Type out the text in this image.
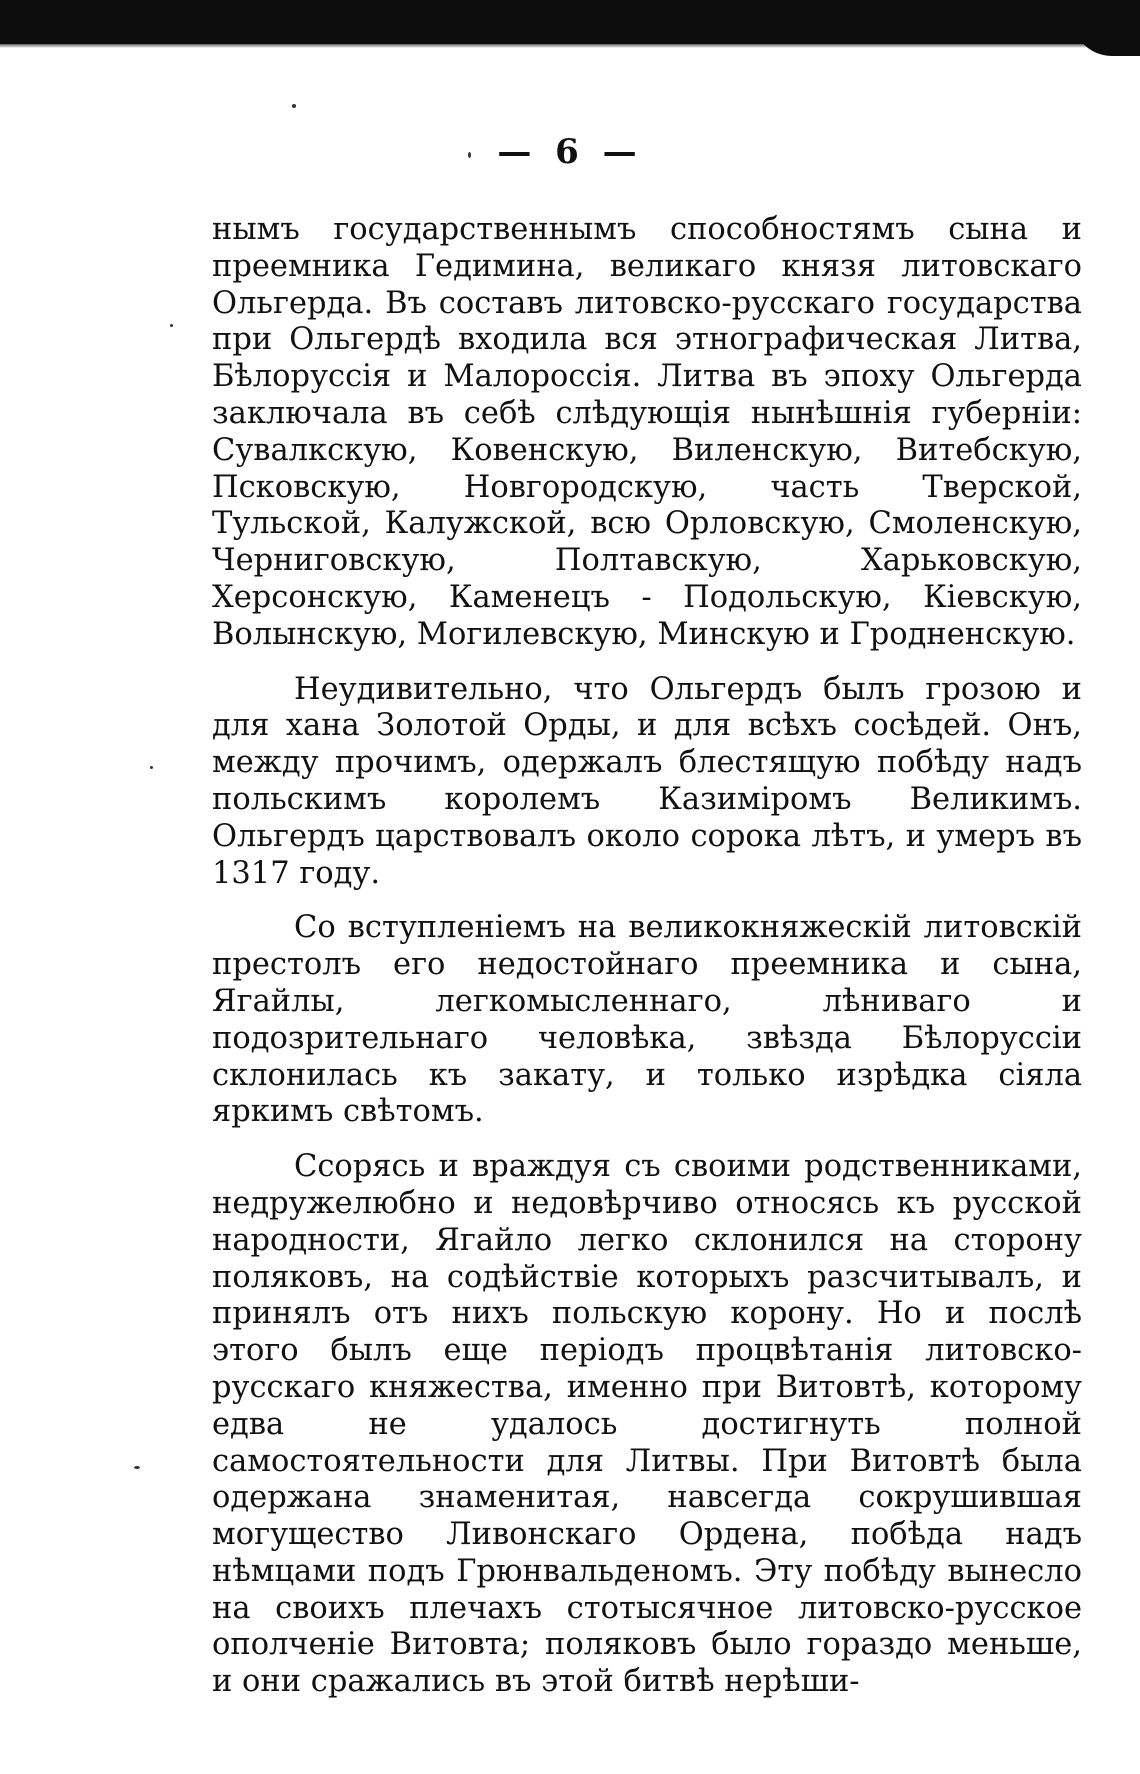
— 6 —

нымъ государственнымъ способностямъ сына и преемника Гедимина, великаго князя литовскаго Ольгерда. Въ составъ литовско-русскаго государства при Ольгердѣ входила вся этнографическая Литва, Бѣлоруссія и Малороссія. Литва въ эпоху Ольгерда заключала въ себѣ слѣдующія нынѣшнія губерніи: Сувалкскую, Ковенскую, Виленскую, Витебскую, Псковскую, Новгородскую, часть Тверской, Тульской, Калужской, всю Орловскую, Смоленскую, Черниговскую, Полтавскую, Харьковскую, Херсонскую, Каменецъ - Подольскую, Кіевскую, Волынскую, Могилевскую, Минскую и Гродненскую.

Неудивительно, что Ольгердъ былъ грозою и для хана Золотой Орды, и для всѣхъ сосѣдей. Онъ, между прочимъ, одержалъ блестящую побѣду надъ польскимъ королемъ Казиміромъ Великимъ. Ольгердъ царствовалъ около сорока лѣтъ, и умеръ въ 1317 году.

Со вступленіемъ на великокняжескій литовскій престолъ его недостойнаго преемника и сына, Ягайлы, легкомысленнаго, лѣниваго и подозрительнаго человѣка, звѣзда Бѣлоруссіи склонилась къ закату, и только изрѣдка сіяла яркимъ свѣтомъ.

Ссорясь и враждуя съ своими родственниками, недружелюбно и недовѣрчиво относясь къ русской народности, Ягайло легко склонился на сторону поляковъ, на содѣйствіе которыхъ разсчитывалъ, и принялъ отъ нихъ польскую корону. Но и послѣ этого былъ еще періодъ процвѣтанія литовско-русскаго княжества, именно при Витовтѣ, которому едва не удалось достигнуть полной самостоятельности для Литвы. При Витовтѣ была одержана знаменитая, навсегда сокрушившая могущество Ливонскаго Ордена, побѣда надъ нѣмцами подъ Грюнвальденомъ. Эту побѣду вынесло на своихъ плечахъ стотысячное литовско-русское ополченіе Витовта; поляковъ было гораздо меньше, и они сражались въ этой битвѣ нерѣши-
